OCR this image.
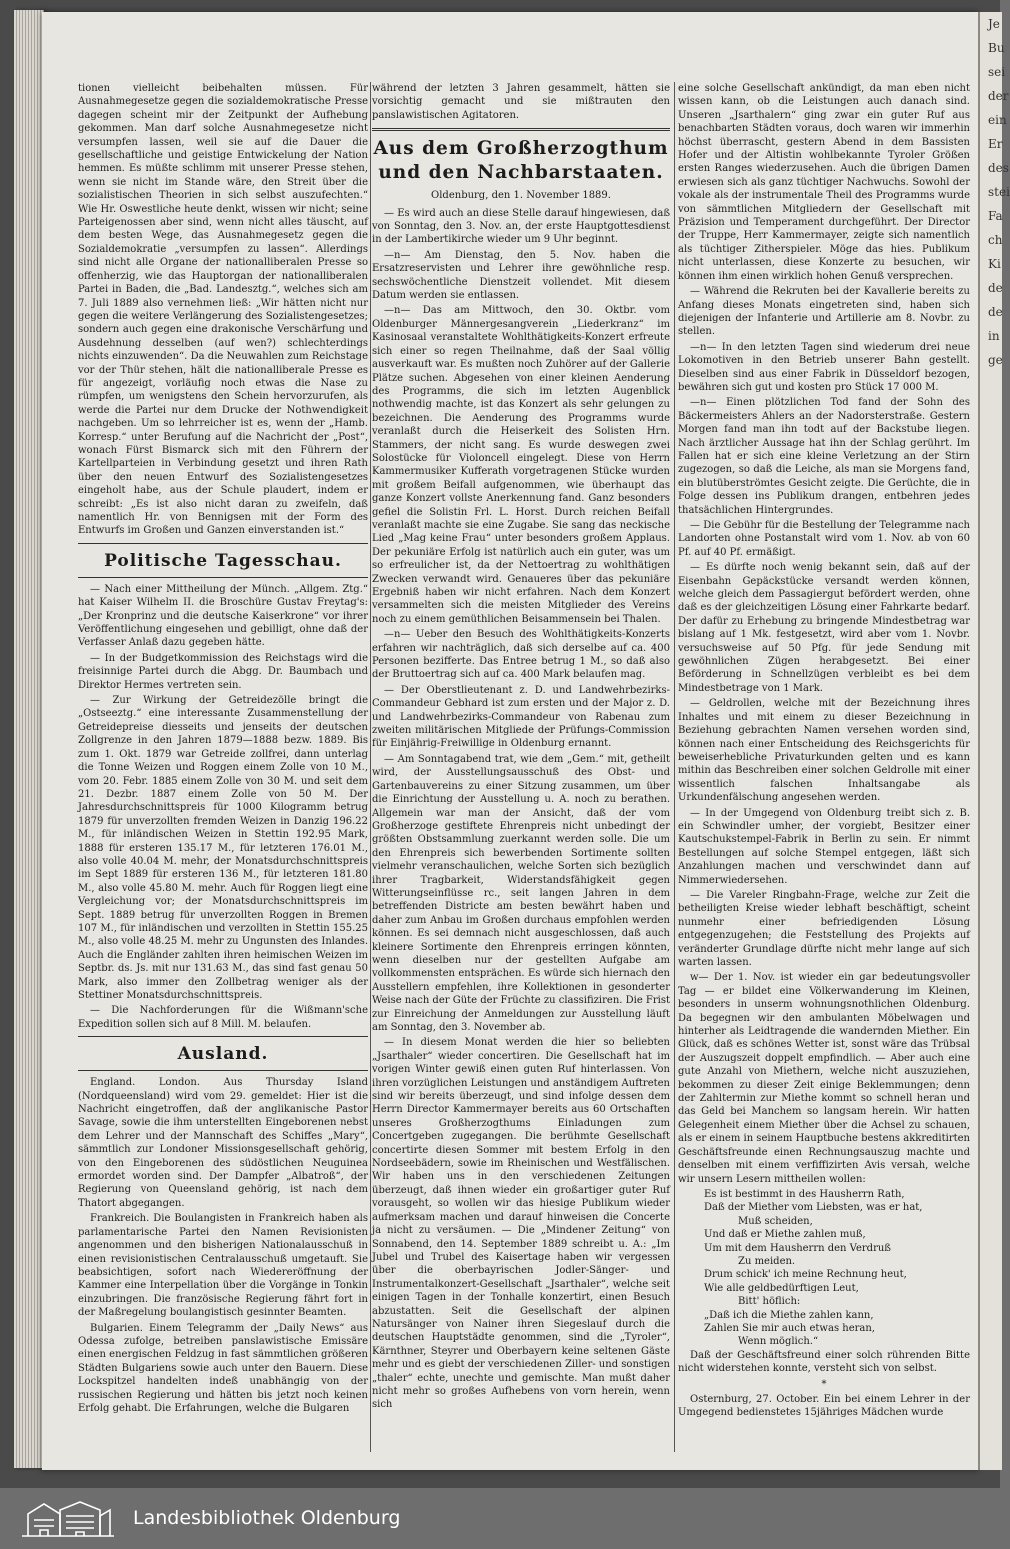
tionen vielleicht beibehalten müssen. Für Ausnahmegesetze gegen die sozialdemokratische Presse dagegen scheint mir der Zeitpunkt der Aufhebung gekommen. Man darf solche Ausnahmegesetze nicht versumpfen lassen, weil sie auf die Dauer die gesellschaftliche und geistige Entwickelung der Nation hemmen. Es müßte schlimm mit unserer Presse stehen, wenn sie nicht im Stande wäre, den Streit über die sozialistischen Theorien in sich selbst auszufechten.“ Wie Hr. Oswestliche heute denkt, wissen wir nicht; seine Parteigenossen aber sind, wenn nicht alles täuscht, auf dem besten Wege, das Ausnahmegesetz gegen die Sozialdemokratie „versumpfen zu lassen“. Allerdings sind nicht alle Organe der nationalliberalen Presse so offenherzig, wie das Hauptorgan der nationalliberalen Partei in Baden, die „Bad. Landesztg.“, welches sich am 7. Juli 1889 also vernehmen ließ: „Wir hätten nicht nur gegen die weitere Verlängerung des Sozialistengesetzes; sondern auch gegen eine drakonische Verschärfung und Ausdehnung desselben (auf wen?) schlechterdings nichts einzuwenden“. Da die Neuwahlen zum Reichstage vor der Thür stehen, hält die nationalliberale Presse es für angezeigt, vorläufig noch etwas die Nase zu rümpfen, um wenigstens den Schein hervorzurufen, als werde die Partei nur dem Drucke der Nothwendigkeit nachgeben. Um so lehrreicher ist es, wenn der „Hamb. Korresp.“ unter Berufung auf die Nachricht der „Post“, wonach Fürst Bismarck sich mit den Führern der Kartellparteien in Verbindung gesetzt und ihren Rath über den neuen Entwurf des Sozialistengesetzes eingeholt habe, aus der Schule plaudert, indem er schreibt: „Es ist also nicht daran zu zweifeln, daß namentlich Hr. von Bennigsen mit der Form des Entwurfs im Großen und Ganzen einverstanden ist.“

Politische Tagesschau.

— Nach einer Mittheilung der Münch. „Allgem. Ztg.“ hat Kaiser Wilhelm II. die Broschüre Gustav Freytag's: „Der Kronprinz und die deutsche Kaiserkrone“ vor ihrer Veröffentlichung eingesehen und gebilligt, ohne daß der Verfasser Anlaß dazu gegeben hätte.

— In der Budgetkommission des Reichstags wird die freisinnige Partei durch die Abgg. Dr. Baumbach und Direktor Hermes vertreten sein.

— Zur Wirkung der Getreidezölle bringt die „Ostseeztg.“ eine interessante Zusammenstellung der Getreidepreise diesseits und jenseits der deutschen Zollgrenze in den Jahren 1879—1888 bezw. 1889. Bis zum 1. Okt. 1879 war Getreide zollfrei, dann unterlag die Tonne Weizen und Roggen einem Zolle von 10 M., vom 20. Febr. 1885 einem Zolle von 30 M. und seit dem 21. Dezbr. 1887 einem Zolle von 50 M. Der Jahresdurchschnittspreis für 1000 Kilogramm betrug 1879 für unverzollten fremden Weizen in Danzig 196.22 M., für inländischen Weizen in Stettin 192.95 Mark, 1888 für ersteren 135.17 M., für letzteren 176.01 M., also volle 40.04 M. mehr, der Monatsdurchschnittspreis im Sept 1889 für ersteren 136 M., für letzteren 181.80 M., also volle 45.80 M. mehr. Auch für Roggen liegt eine Vergleichung vor; der Monatsdurchschnittspreis im Sept. 1889 betrug für unverzollten Roggen in Bremen 107 M., für inländischen und verzollten in Stettin 155.25 M., also volle 48.25 M. mehr zu Ungunsten des Inlandes. Auch die Engländer zahlten ihren heimischen Weizen im Septbr. ds. Js. mit nur 131.63 M., das sind fast genau 50 Mark, also immer den Zollbetrag weniger als der Stettiner Monatsdurchschnittspreis.

— Die Nachforderungen für die Wißmann'sche Expedition sollen sich auf 8 Mill. M. belaufen.

Ausland.

England. London. Aus Thursday Island (Nordqueensland) wird vom 29. gemeldet: Hier ist die Nachricht eingetroffen, daß der anglikanische Pastor Savage, sowie die ihm unterstellten Eingeborenen nebst dem Lehrer und der Mannschaft des Schiffes „Mary“, sämmtlich zur Londoner Missionsgesellschaft gehörig, von den Eingeborenen des südöstlichen Neuguinea ermordet worden sind. Der Dampfer „Albatroß“, der Regierung von Queensland gehörig, ist nach dem Thatort abgegangen.

Frankreich. Die Boulangisten in Frankreich haben als parlamentarische Partei den Namen Revisionisten angenommen und den bisherigen Nationalausschuß in einen revisionistischen Centralausschuß umgetauft. Sie beabsichtigen, sofort nach Wiedereröffnung der Kammer eine Interpellation über die Vorgänge in Tonkin einzubringen. Die französische Regierung fährt fort in der Maßregelung boulangistisch gesinnter Beamten.

Bulgarien. Einem Telegramm der „Daily News“ aus Odessa zufolge, betreiben panslawistische Emissäre einen energischen Feldzug in fast sämmtlichen größeren Städten Bulgariens sowie auch unter den Bauern. Diese Lockspitzel handelten indeß unabhängig von der russischen Regierung und hätten bis jetzt noch keinen Erfolg gehabt. Die Erfahrungen, welche die Bulgaren

während der letzten 3 Jahren gesammelt, hätten sie vorsichtig gemacht und sie mißtrauten den panslawistischen Agitatoren.

Aus dem Großherzogthum und den Nachbarstaaten.

Oldenburg, den 1. November 1889.

— Es wird auch an diese Stelle darauf hingewiesen, daß von Sonntag, den 3. Nov. an, der erste Hauptgottesdienst in der Lambertikirche wieder um 9 Uhr beginnt.

—n— Am Dienstag, den 5. Nov. haben die Ersatzreservisten und Lehrer ihre gewöhnliche resp. sechswöchentliche Dienstzeit vollendet. Mit diesem Datum werden sie entlassen.

—n— Das am Mittwoch, den 30. Oktbr. vom Oldenburger Männergesangverein „Liederkranz“ im Kasinosaal veranstaltete Wohlthätigkeits-Konzert erfreute sich einer so regen Theilnahme, daß der Saal völlig ausverkauft war. Es mußten noch Zuhörer auf der Gallerie Plätze suchen. Abgesehen von einer kleinen Aenderung des Programms, die sich im letzten Augenblick nothwendig machte, ist das Konzert als sehr gelungen zu bezeichnen. Die Aenderung des Programms wurde veranlaßt durch die Heiserkeit des Solisten Hrn. Stammers, der nicht sang. Es wurde deswegen zwei Solostücke für Violoncell eingelegt. Diese von Herrn Kammermusiker Kufferath vorgetragenen Stücke wurden mit großem Beifall aufgenommen, wie überhaupt das ganze Konzert vollste Anerkennung fand. Ganz besonders gefiel die Solistin Frl. L. Horst. Durch reichen Beifall veranlaßt machte sie eine Zugabe. Sie sang das neckische Lied „Mag keine Frau“ unter besonders großem Applaus. Der pekuniäre Erfolg ist natürlich auch ein guter, was um so erfreulicher ist, da der Nettoertrag zu wohlthätigen Zwecken verwandt wird. Genaueres über das pekuniäre Ergebniß haben wir nicht erfahren. Nach dem Konzert versammelten sich die meisten Mitglieder des Vereins noch zu einem gemüthlichen Beisammensein bei Thalen.

—n— Ueber den Besuch des Wohlthätigkeits-Konzerts erfahren wir nachträglich, daß sich derselbe auf ca. 400 Personen bezifferte. Das Entree betrug 1 M., so daß also der Bruttoertrag sich auf ca. 400 Mark belaufen mag.

— Der Oberstlieutenant z. D. und Landwehrbezirks-Commandeur Gebhard ist zum ersten und der Major z. D. und Landwehrbezirks-Commandeur von Rabenau zum zweiten militärischen Mitgliede der Prüfungs-Commission für Einjährig-Freiwillige in Oldenburg ernannt.

— Am Sonntagabend trat, wie dem „Gem.“ mit, getheilt wird, der Ausstellungsausschuß des Obst- und Gartenbauvereins zu einer Sitzung zusammen, um über die Einrichtung der Ausstellung u. A. noch zu berathen. Allgemein war man der Ansicht, daß der vom Großherzoge gestiftete Ehrenpreis nicht unbedingt der größten Obstsammlung zuerkannt werden solle. Die um den Ehrenpreis sich bewerbenden Sortimente sollten vielmehr veranschaulichen, welche Sorten sich bezüglich ihrer Tragbarkeit, Widerstandsfähigkeit gegen Witterungseinflüsse rc., seit langen Jahren in dem betreffenden Districte am besten bewährt haben und daher zum Anbau im Großen durchaus empfohlen werden können. Es sei demnach nicht ausgeschlossen, daß auch kleinere Sortimente den Ehrenpreis erringen könnten, wenn dieselben nur der gestellten Aufgabe am vollkommensten entsprächen. Es würde sich hiernach den Ausstellern empfehlen, ihre Kollektionen in gesonderter Weise nach der Güte der Früchte zu classifiziren. Die Frist zur Einreichung der Anmeldungen zur Ausstellung läuft am Sonntag, den 3. November ab.

— In diesem Monat werden die hier so beliebten „Jsarthaler“ wieder concertiren. Die Gesellschaft hat im vorigen Winter gewiß einen guten Ruf hinterlassen. Von ihren vorzüglichen Leistungen und anständigem Auftreten sind wir bereits überzeugt, und sind infolge dessen dem Herrn Director Kammermayer bereits aus 60 Ortschaften unseres Großherzogthums Einladungen zum Concertgeben zugegangen. Die berühmte Gesellschaft concertirte diesen Sommer mit bestem Erfolg in den Nordseebädern, sowie im Rheinischen und Westfälischen. Wir haben uns in den verschiedenen Zeitungen überzeugt, daß ihnen wieder ein großartiger guter Ruf vorausgeht, so wollen wir das hiesige Publikum wieder aufmerksam machen und darauf hinweisen die Concerte ja nicht zu versäumen. — Die „Mindener Zeitung“ von Sonnabend, den 14. September 1889 schreibt u. A.: „Im Jubel und Trubel des Kaisertage haben wir vergessen über die oberbayrischen Jodler-Sänger- und Instrumentalkonzert-Gesellschaft „Jsarthaler“, welche seit einigen Tagen in der Tonhalle konzertirt, einen Besuch abzustatten. Seit die Gesellschaft der alpinen Natursänger von Nainer ihren Siegeslauf durch die deutschen Hauptstädte genommen, sind die „Tyroler“, Kärnthner, Steyrer und Oberbayern keine seltenen Gäste mehr und es giebt der verschiedenen Ziller- und sonstigen „thaler“ echte, unechte und gemischte. Man mußt daher nicht mehr so großes Aufhebens von vorn herein, wenn sich

eine solche Gesellschaft ankündigt, da man eben nicht wissen kann, ob die Leistungen auch danach sind. Unseren „Jsarthalern“ ging zwar ein guter Ruf aus benachbarten Städten voraus, doch waren wir immerhin höchst überrascht, gestern Abend in dem Bassisten Hofer und der Altistin wohlbekannte Tyroler Größen ersten Ranges wiederzusehen. Auch die übrigen Damen erwiesen sich als ganz tüchtiger Nachwuchs. Sowohl der vokale als der instrumentale Theil des Programms wurde von sämmtlichen Mitgliedern der Gesellschaft mit Präzision und Temperament durchgeführt. Der Director der Truppe, Herr Kammermayer, zeigte sich namentlich als tüchtiger Zitherspieler. Möge das hies. Publikum nicht unterlassen, diese Konzerte zu besuchen, wir können ihm einen wirklich hohen Genuß versprechen.

— Während die Rekruten bei der Kavallerie bereits zu Anfang dieses Monats eingetreten sind, haben sich diejenigen der Infanterie und Artillerie am 8. Novbr. zu stellen.

—n— In den letzten Tagen sind wiederum drei neue Lokomotiven in den Betrieb unserer Bahn gestellt. Dieselben sind aus einer Fabrik in Düsseldorf bezogen, bewähren sich gut und kosten pro Stück 17 000 M.

—n— Einen plötzlichen Tod fand der Sohn des Bäckermeisters Ahlers an der Nadorsterstraße. Gestern Morgen fand man ihn todt auf der Backstube liegen. Nach ärztlicher Aussage hat ihn der Schlag gerührt. Im Fallen hat er sich eine kleine Verletzung an der Stirn zugezogen, so daß die Leiche, als man sie Morgens fand, ein blutüberströmtes Gesicht zeigte. Die Gerüchte, die in Folge dessen ins Publikum drangen, entbehren jedes thatsächlichen Hintergrundes.

— Die Gebühr für die Bestellung der Telegramme nach Landorten ohne Postanstalt wird vom 1. Nov. ab von 60 Pf. auf 40 Pf. ermäßigt.

— Es dürfte noch wenig bekannt sein, daß auf der Eisenbahn Gepäckstücke versandt werden können, welche gleich dem Passagiergut befördert werden, ohne daß es der gleichzeitigen Lösung einer Fahrkarte bedarf. Der dafür zu Erhebung zu bringende Mindestbetrag war bislang auf 1 Mk. festgesetzt, wird aber vom 1. Novbr. versuchsweise auf 50 Pfg. für jede Sendung mit gewöhnlichen Zügen herabgesetzt. Bei einer Beförderung in Schnellzügen verbleibt es bei dem Mindestbetrage von 1 Mark.

— Geldrollen, welche mit der Bezeichnung ihres Inhaltes und mit einem zu dieser Bezeichnung in Beziehung gebrachten Namen versehen worden sind, können nach einer Entscheidung des Reichsgerichts für beweiserhebliche Privaturkunden gelten und es kann mithin das Beschreiben einer solchen Geldrolle mit einer wissentlich falschen Inhaltsangabe als Urkundenfälschung angesehen werden.

— In der Umgegend von Oldenburg treibt sich z. B. ein Schwindler umher, der vorgiebt, Besitzer einer Kautschukstempel-Fabrik in Berlin zu sein. Er nimmt Bestellungen auf solche Stempel entgegen, läßt sich Anzahlungen machen und verschwindet dann auf Nimmerwiedersehen.

— Die Vareler Ringbahn-Frage, welche zur Zeit die betheiligten Kreise wieder lebhaft beschäftigt, scheint nunmehr einer befriedigenden Lösung entgegenzugehen; die Feststellung des Projekts auf veränderter Grundlage dürfte nicht mehr lange auf sich warten lassen.

w— Der 1. Nov. ist wieder ein gar bedeutungsvoller Tag — er bildet eine Völkerwanderung im Kleinen, besonders in unserm wohnungsnothlichen Oldenburg. Da begegnen wir den ambulanten Möbelwagen und hinterher als Leidtragende die wandernden Miether. Ein Glück, daß es schönes Wetter ist, sonst wäre das Trübsal der Auszugszeit doppelt empfindlich. — Aber auch eine gute Anzahl von Miethern, welche nicht auszuziehen, bekommen zu dieser Zeit einige Beklemmungen; denn der Zahltermin zur Miethe kommt so schnell heran und das Geld bei Manchem so langsam herein. Wir hatten Gelegenheit einem Miether über die Achsel zu schauen, als er einem in seinem Hauptbuche bestens akkreditirten Geschäftsfreunde einen Rechnungsauszug machte und denselben mit einem verfiffizirten Avis versah, welche wir unsern Lesern mittheilen wollen:

Es ist bestimmt in des Hausherrn Rath,

Daß der Miether vom Liebsten, was er hat,

Muß scheiden,

Und daß er Miethe zahlen muß,

Um mit dem Hausherrn den Verdruß

Zu meiden.

Drum schick' ich meine Rechnung heut,

Wie alle geldbedürftigen Leut,

Bitt' höflich:

„Daß ich die Miethe zahlen kann,

Zahlen Sie mir auch etwas heran,

Wenn möglich.“

Daß der Geschäftsfreund einer solch rührenden Bitte nicht widerstehen konnte, versteht sich von selbst.

*

Osternburg, 27. October. Ein bei einem Lehrer in der Umgegend bedienstetes 15jähriges Mädchen wurde

Je
Bu
sei
der
ein
Er
des
stei
Fa
ch
Ki
de
de
in
ge
Landesbibliothek Oldenburg
